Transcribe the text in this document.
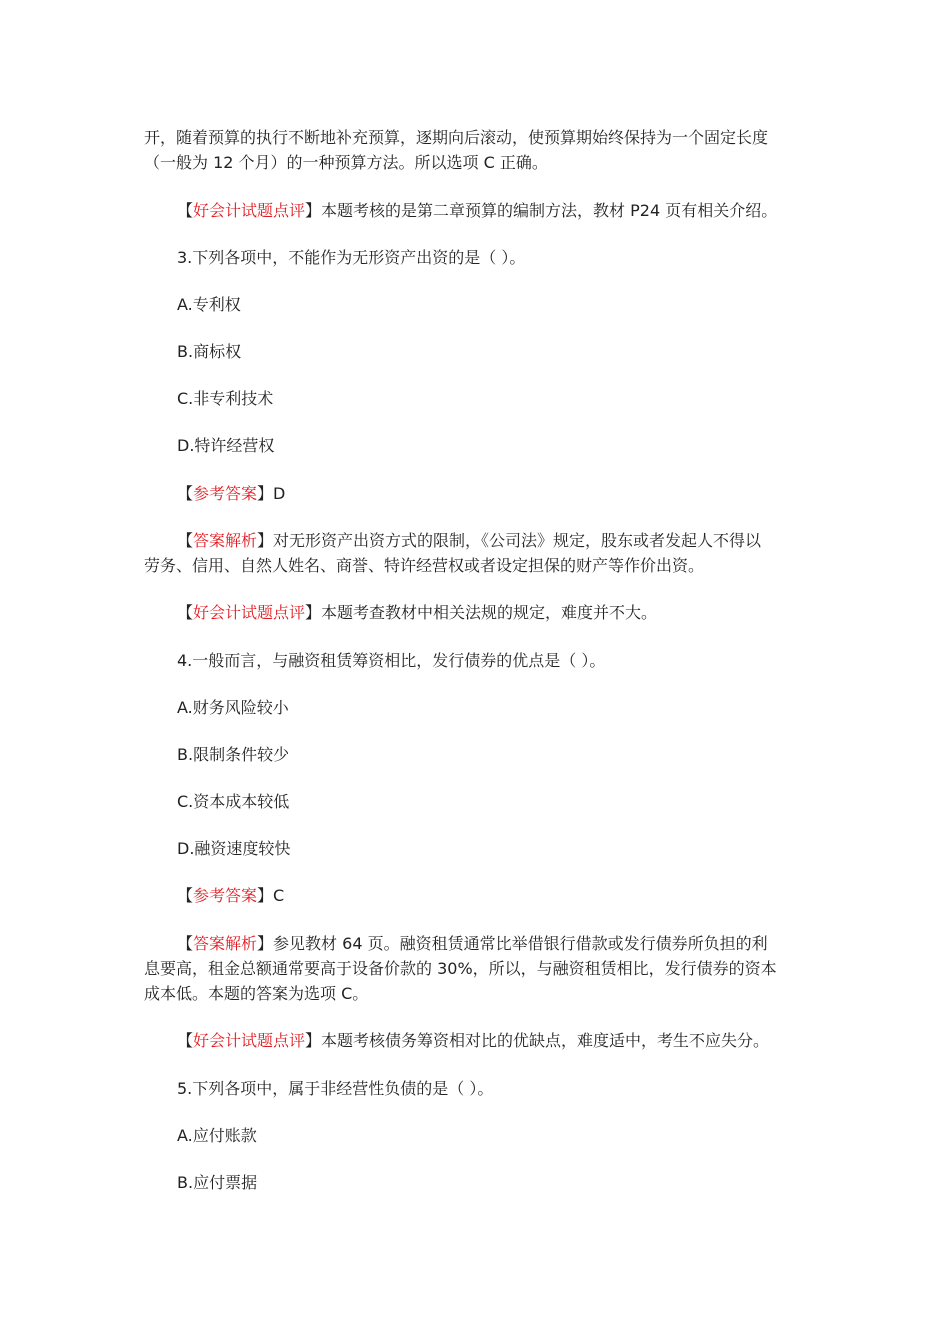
开，随着预算的执行不断地补充预算，逐期向后滚动，使预算期始终保持为一个固定长度
（一般为 12 个月）的一种预算方法。所以选项 C 正确。
【好会计试题点评】本题考核的是第二章预算的编制方法，教材 P24 页有相关介绍。
3.下列各项中，不能作为无形资产出资的是（ ）。
A.专利权
B.商标权
C.非专利技术
D.特许经营权
【参考答案】D
【答案解析】对无形资产出资方式的限制，《公司法》规定，股东或者发起人不得以
劳务、信用、自然人姓名、商誉、特许经营权或者设定担保的财产等作价出资。
【好会计试题点评】本题考查教材中相关法规的规定，难度并不大。
4.一般而言，与融资租赁筹资相比，发行债券的优点是（ ）。
A.财务风险较小
B.限制条件较少
C.资本成本较低
D.融资速度较快
【参考答案】C
【答案解析】参见教材 64 页。融资租赁通常比举借银行借款或发行债券所负担的利
息要高，租金总额通常要高于设备价款的 30%，所以，与融资租赁相比，发行债券的资本
成本低。本题的答案为选项 C。
【好会计试题点评】本题考核债务筹资相对比的优缺点，难度适中，考生不应失分。
5.下列各项中，属于非经营性负债的是（ ）。
A.应付账款
B.应付票据
